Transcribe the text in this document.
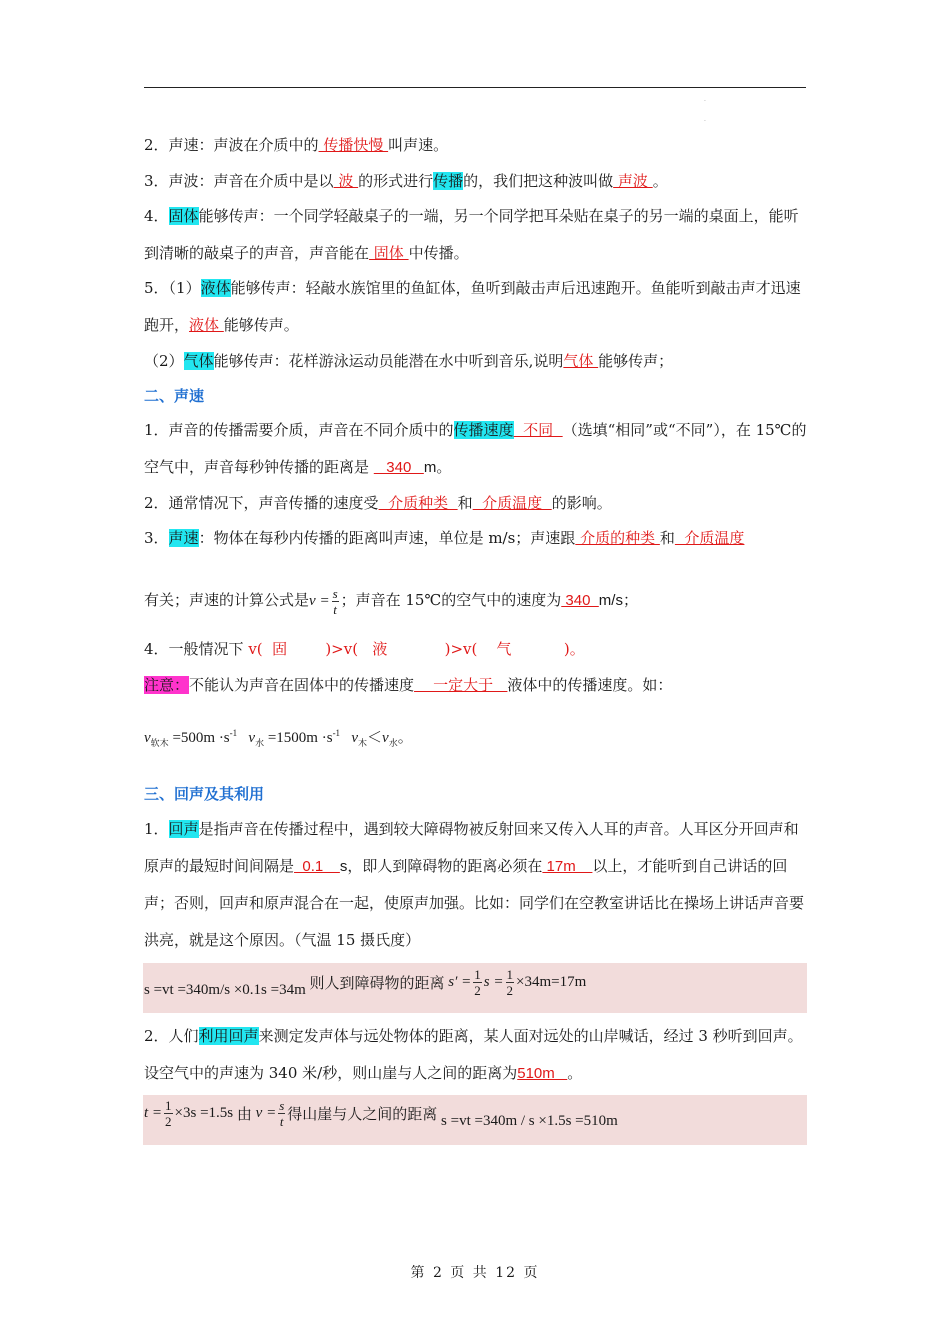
.
.
2．声速：声波在介质中的 传播快慢 叫声速。
3．声波：声音在介质中是以 波 的形式进行传播的，我们把这种波叫做 声波 。
4．固体能够传声：一个同学轻敲桌子的一端，另一个同学把耳朵贴在桌子的另一端的桌面上，能听到清晰的敲桌子的声音，声音能在 固体 中传播。
5．（1）液体能够传声：轻敲水族馆里的鱼缸体，鱼听到敲击声后迅速跑开。鱼能听到敲击声才迅速跑开，液体 能够传声。
（2）气体能够传声：花样游泳运动员能潜在水中听到音乐,说明气体 能够传声；
二、声速
1．声音的传播需要介质，声音在不同介质中的传播速度  不同  （选填“相同”或“不同”），在 15℃的空气中，声音每秒钟传播的距离是    340   m。
2．通常情况下，声音传播的速度受  介质种类  和  介质温度  的影响。
3．声速：物体在每秒内传播的距离叫声速，单位是 m/s；声速跟 介质的种类 和  介质温度
有关；声速的计算公式是$v = \frac{s}{t}$ ；声音在 15℃的空气中的速度为 340  m/s；
4．一般情况下 v(  固        )>v(   液            )>v(    气           )。
注意：不能认为声音在固体中的传播速度    一定大于   液体中的传播速度。如：
$v_{软木} =500m \cdot s^{-1}$ $v_水 =1500m \cdot s^{-1}$ $v_木<v_水$。
三、回声及其利用
1．回声是指声音在传播过程中，遇到较大障碍物被反射回来又传入人耳的声音。人耳区分开回声和原声的最短时间间隔是  0.1    s，即人到障碍物的距离必须在 17m    以上，才能听到自己讲话的回声；否则，回声和原声混合在一起，使原声加强。比如：同学们在空教室讲话比在操场上讲话声音要洪亮，就是这个原因。（气温 15 摄氏度）
s =vt =340m/s ×0.1s =34m 则人到障碍物的距离 $s' = \frac{1}{2}$ $s = \frac{1}{2} \times 34m=17m$
2．人们利用回声来测定发声体与远处物体的距离，某人面对远处的山岸喊话，经过 3 秒听到回声。设空气中的声速为 340 米/秒，则山崖与人之间的距离为510m   。
$t = \frac{1}{2} \times 3s =1.5s$ 由 $v = \frac{s}{t}$ 得山崖与人之间的距离 s =vt =340m / s ×1.5s =510m
第 2 页 共 12 页
